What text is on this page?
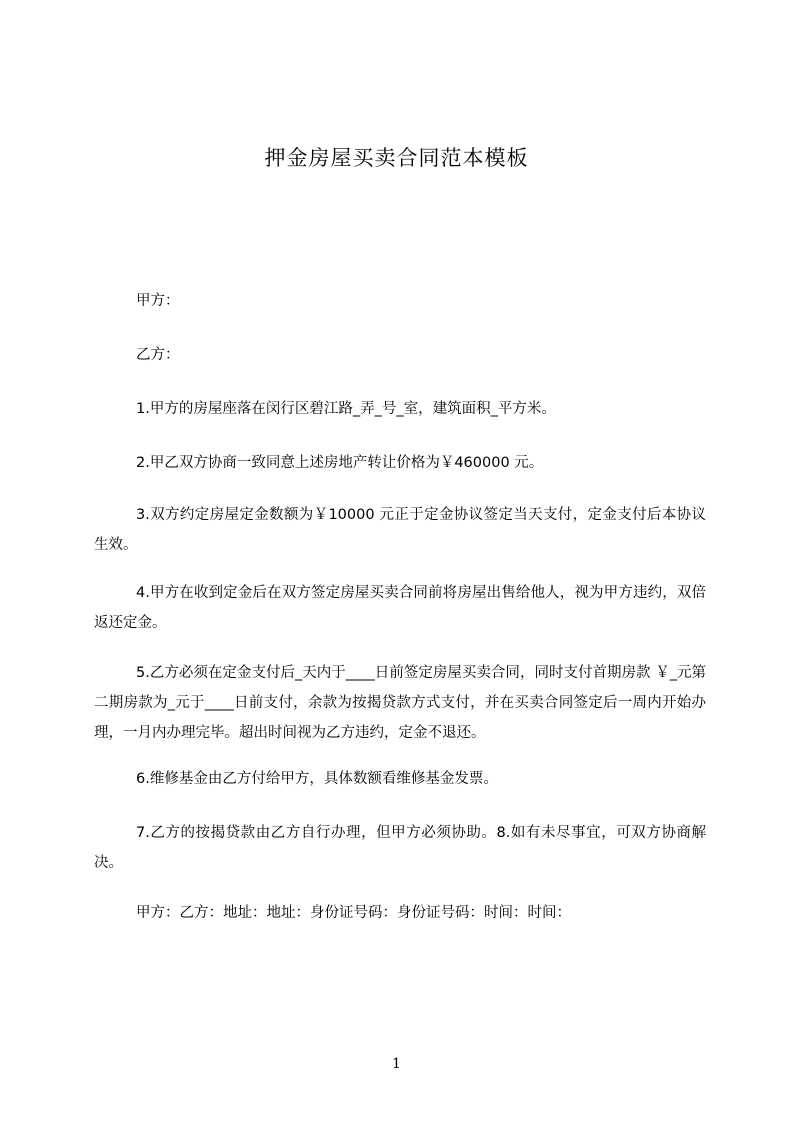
押金房屋买卖合同范本模板

甲方：

乙方：

1.甲方的房屋座落在闵行区碧江路_弄_号_室，建筑面积_平方米。

2.甲乙双方协商一致同意上述房地产转让价格为￥460000 元。

3.双方约定房屋定金数额为￥10000 元正于定金协议签定当天支付，定金支付后本协议生效。

4.甲方在收到定金后在双方签定房屋买卖合同前将房屋出售给他人，视为甲方违约，双倍返还定金。

5.乙方必须在定金支付后_天内于____日前签定房屋买卖合同，同时支付首期房款 ￥_元第二期房款为_元于____日前支付，余款为按揭贷款方式支付，并在买卖合同签定后一周内开始办理，一月内办理完毕。超出时间视为乙方违约，定金不退还。

6.维修基金由乙方付给甲方，具体数额看维修基金发票。

7.乙方的按揭贷款由乙方自行办理，但甲方必须协助。8.如有未尽事宜，可双方协商解决。

甲方：乙方：地址：地址：身份证号码：身份证号码：时间：时间：

1
